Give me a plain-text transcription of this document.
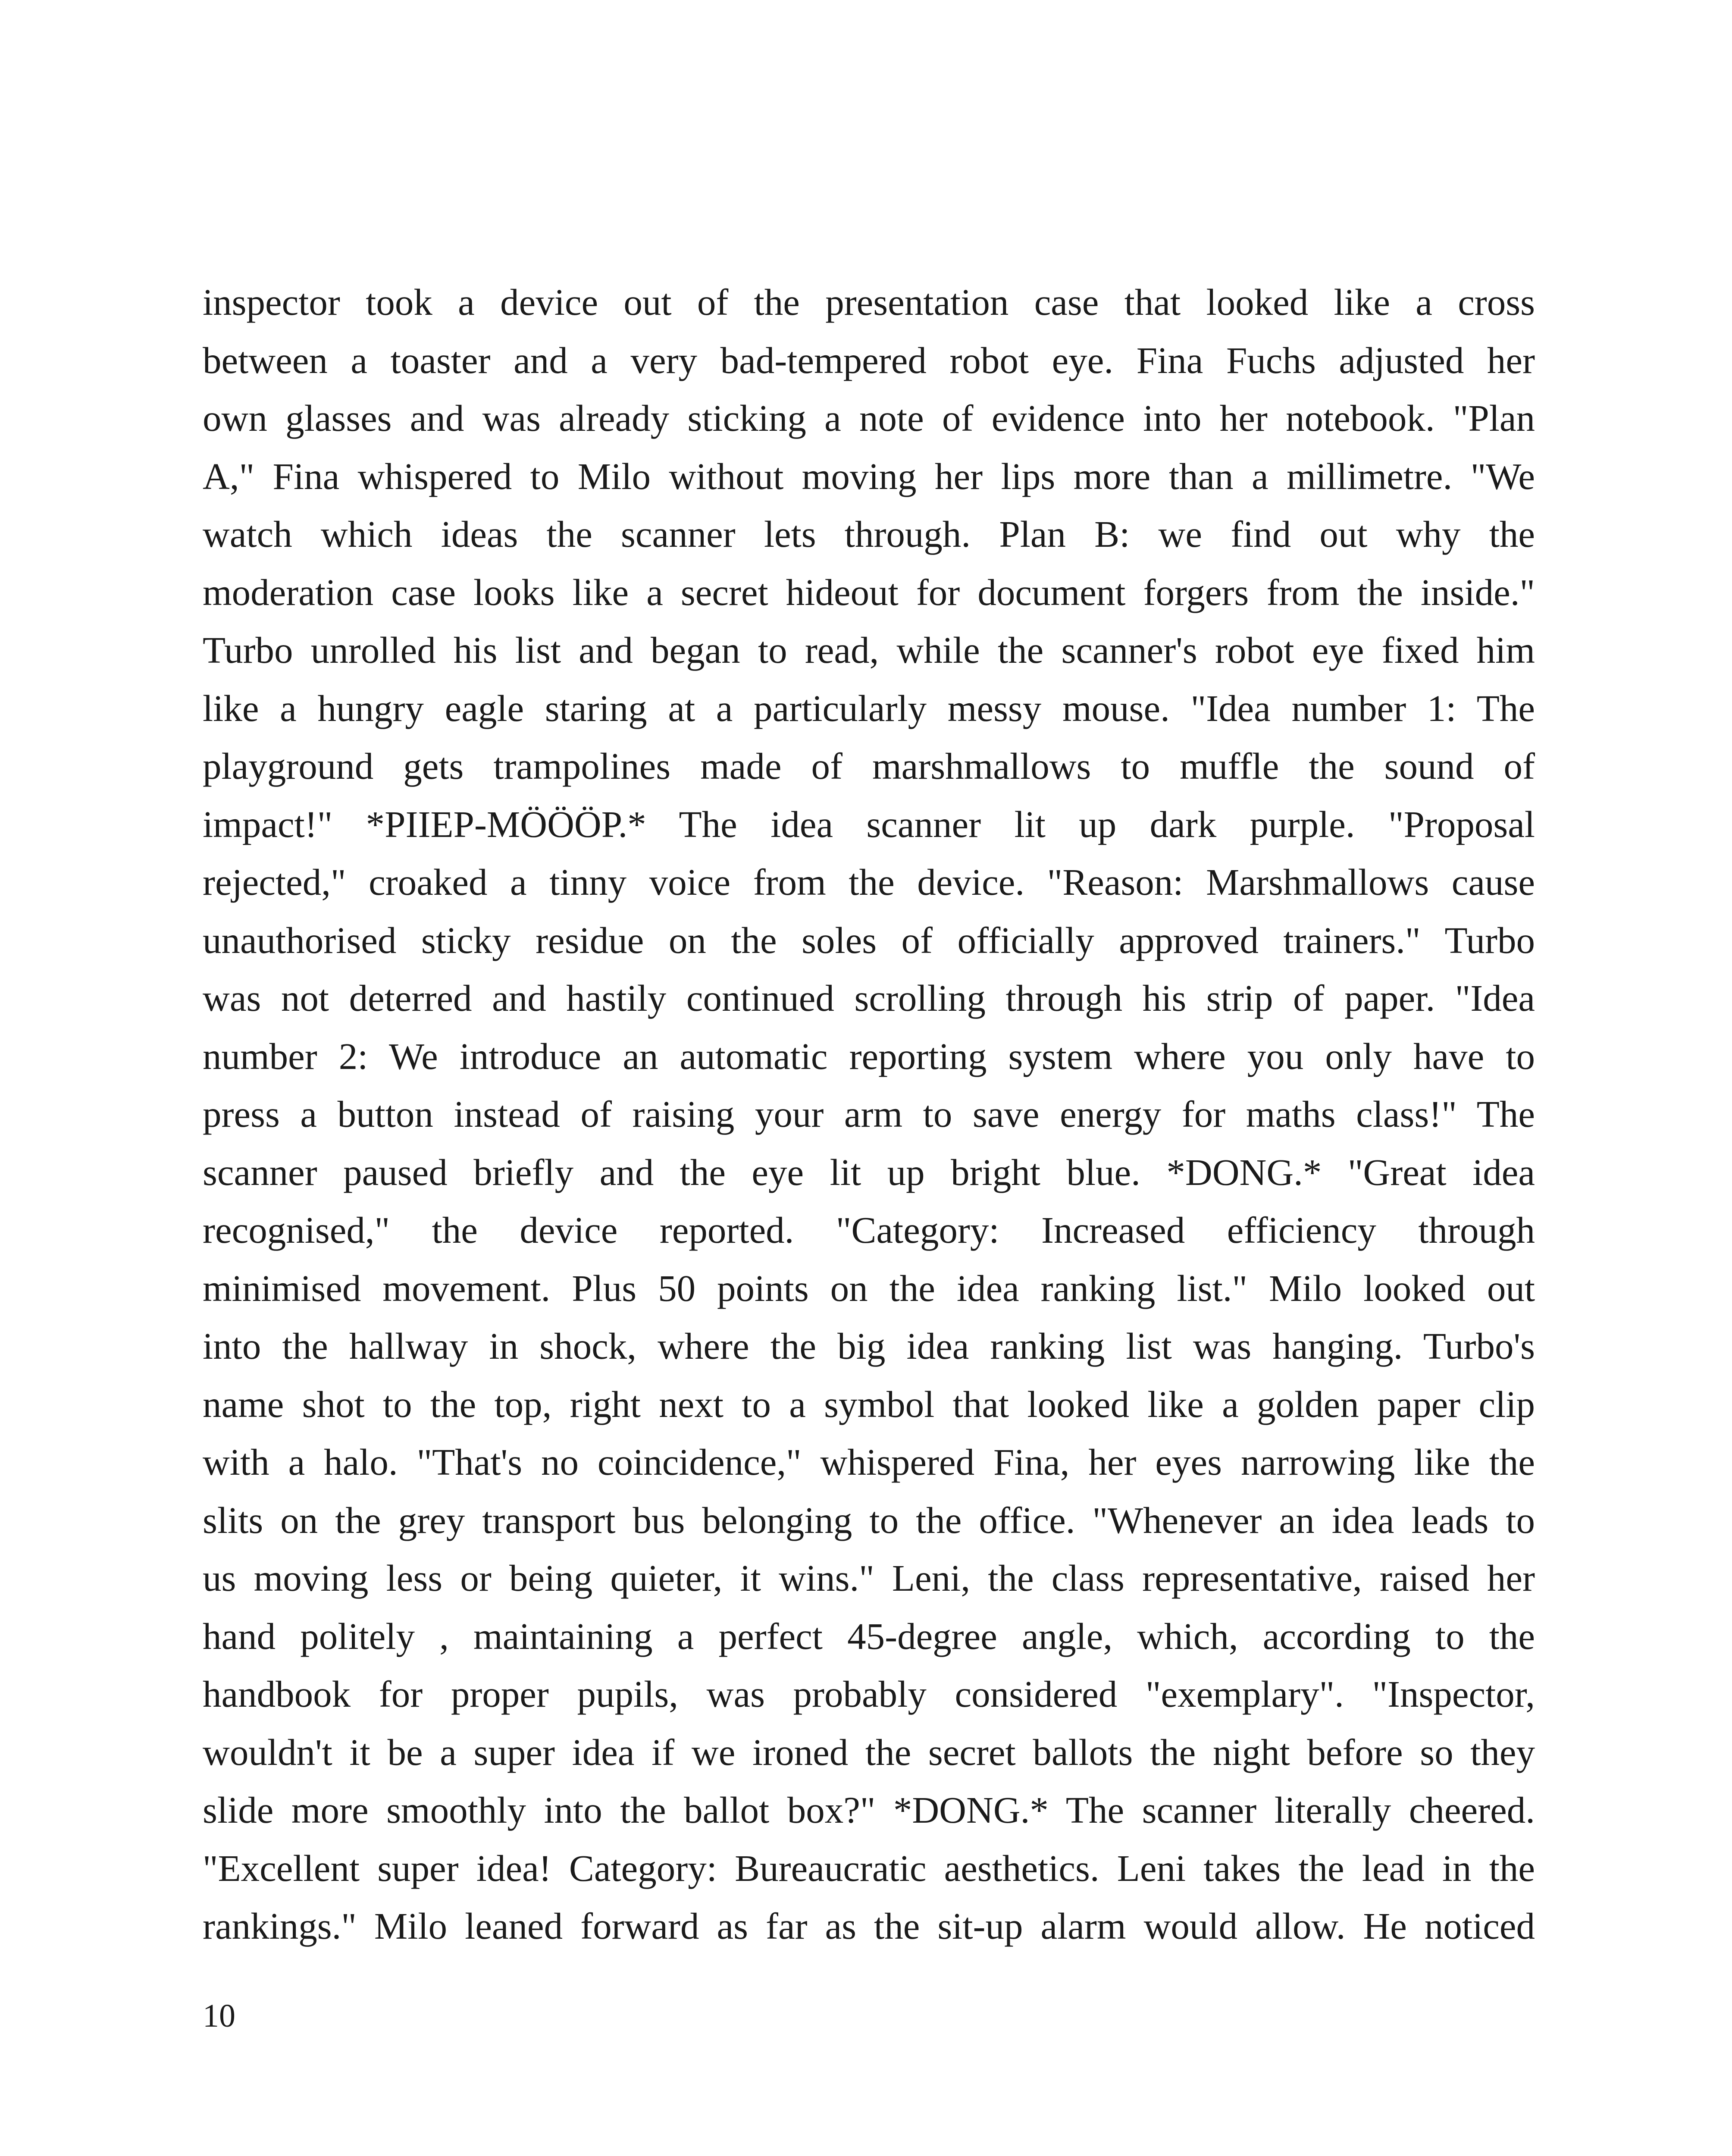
inspector took a device out of the presentation case that looked like a cross
between a toaster and a very bad-tempered robot eye. Fina Fuchs adjusted her
own glasses and was already sticking a note of evidence into her notebook. "Plan
A," Fina whispered to Milo without moving her lips more than a millimetre. "We
watch which ideas the scanner lets through. Plan B: we find out why the
moderation case looks like a secret hideout for document forgers from the inside."
Turbo unrolled his list and began to read, while the scanner's robot eye fixed him
like a hungry eagle staring at a particularly messy mouse. "Idea number 1: The
playground gets trampolines made of marshmallows to muffle the sound of
impact!" *PIIEP-MÖÖÖP.* The idea scanner lit up dark purple. "Proposal
rejected," croaked a tinny voice from the device. "Reason: Marshmallows cause
unauthorised sticky residue on the soles of officially approved trainers." Turbo
was not deterred and hastily continued scrolling through his strip of paper. "Idea
number 2: We introduce an automatic reporting system where you only have to
press a button instead of raising your arm to save energy for maths class!" The
scanner paused briefly and the eye lit up bright blue. *DONG.* "Great idea
recognised," the device reported. "Category: Increased efficiency through
minimised movement. Plus 50 points on the idea ranking list." Milo looked out
into the hallway in shock, where the big idea ranking list was hanging. Turbo's
name shot to the top, right next to a symbol that looked like a golden paper clip
with a halo. "That's no coincidence," whispered Fina, her eyes narrowing like the
slits on the grey transport bus belonging to the office. "Whenever an idea leads to
us moving less or being quieter, it wins." Leni, the class representative, raised her
hand politely , maintaining a perfect 45-degree angle, which, according to the
handbook for proper pupils, was probably considered "exemplary". "Inspector,
wouldn't it be a super idea if we ironed the secret ballots the night before so they
slide more smoothly into the ballot box?" *DONG.* The scanner literally cheered.
"Excellent super idea! Category: Bureaucratic aesthetics. Leni takes the lead in the
rankings." Milo leaned forward as far as the sit-up alarm would allow. He noticed
10
